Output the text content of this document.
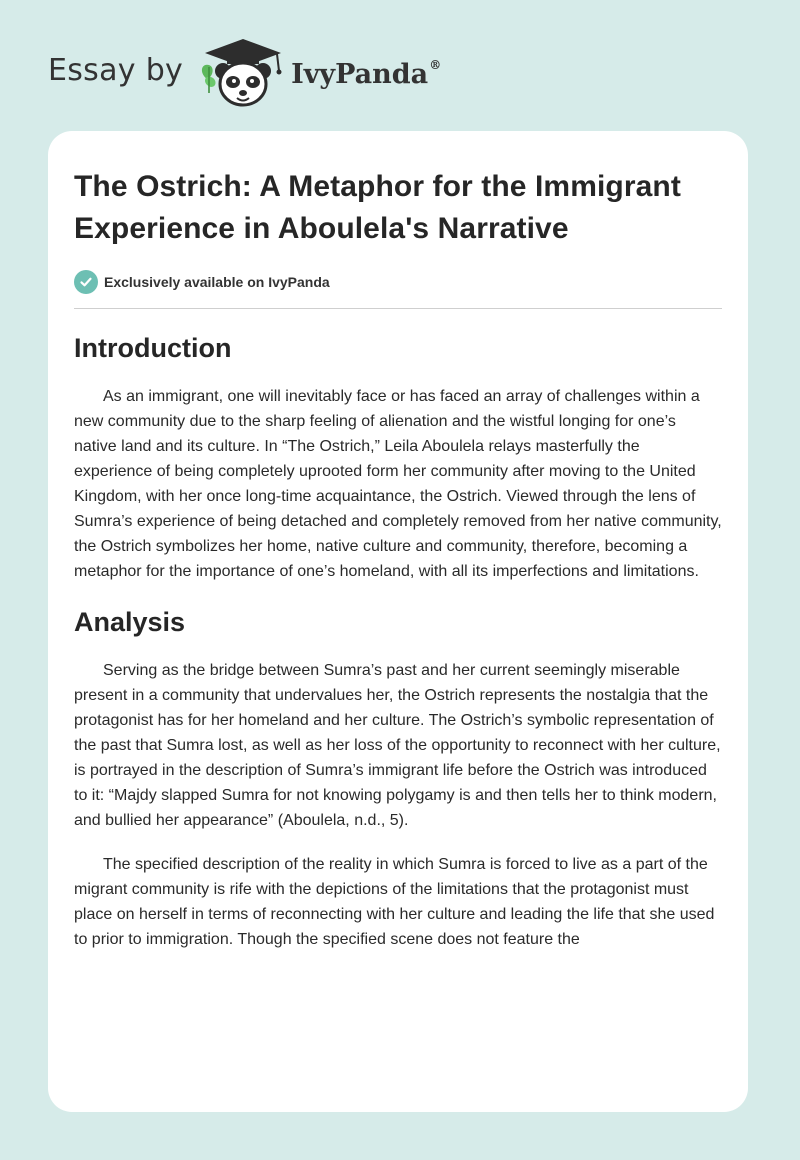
Essay by	IvyPanda®
The Ostrich: A Metaphor for the Immigrant Experience in Aboulela's Narrative
Exclusively available on IvyPanda
Introduction

As an immigrant, one will inevitably face or has faced an array of challenges within a new community due to the sharp feeling of alienation and the wistful longing for one’s native land and its culture. In “The Ostrich,” Leila Aboulela relays masterfully the experience of being completely uprooted form her community after moving to the United Kingdom, with her once long-time acquaintance, the Ostrich. Viewed through the lens of Sumra’s experience of being detached and completely removed from her native community, the Ostrich symbolizes her home, native culture and community, therefore, becoming a metaphor for the importance of one’s homeland, with all its imperfections and limitations.

Analysis

Serving as the bridge between Sumra’s past and her current seemingly miserable present in a community that undervalues her, the Ostrich represents the nostalgia that the protagonist has for her homeland and her culture. The Ostrich’s symbolic representation of the past that Sumra lost, as well as her loss of the opportunity to reconnect with her culture, is portrayed in the description of Sumra’s immigrant life before the Ostrich was introduced to it: “Majdy slapped Sumra for not knowing polygamy is and then tells her to think modern, and bullied her appearance” (Aboulela, n.d., 5).

The specified description of the reality in which Sumra is forced to live as a part of the migrant community is rife with the depictions of the limitations that the protagonist must place on herself in terms of reconnecting with her culture and leading the life that she used to prior to immigration. Though the specified scene does not feature the
